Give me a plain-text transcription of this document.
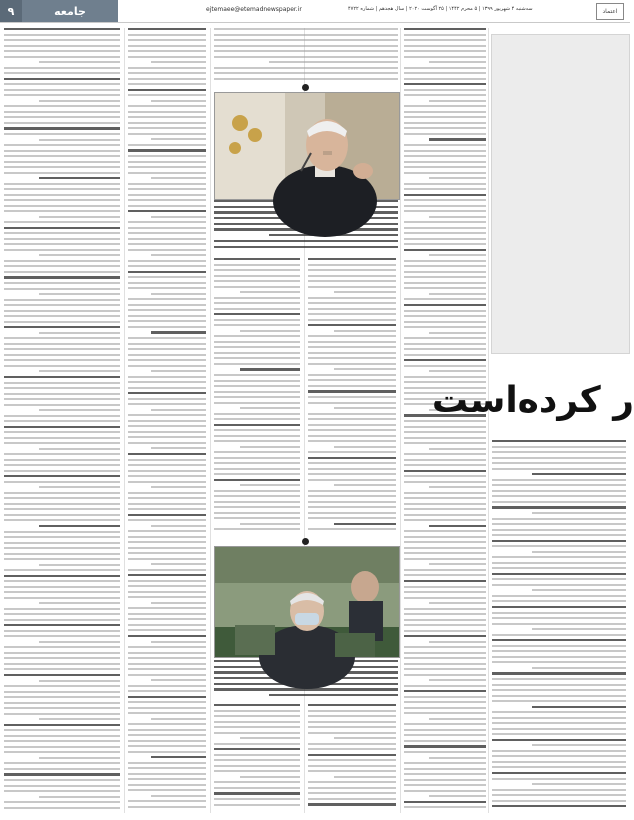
۹	جامعه	ejtemaee@etemadnewspaper.ir	سه‌شنبه ۴ شهریور ۱۳۹۹ | ۵ محرم ۱۴۴۲ | ۲۵ آگوست ۲۰۲۰ | سال هجدهم | شماره ۴۷۲۲	اعتماد
ر کرده‌است
